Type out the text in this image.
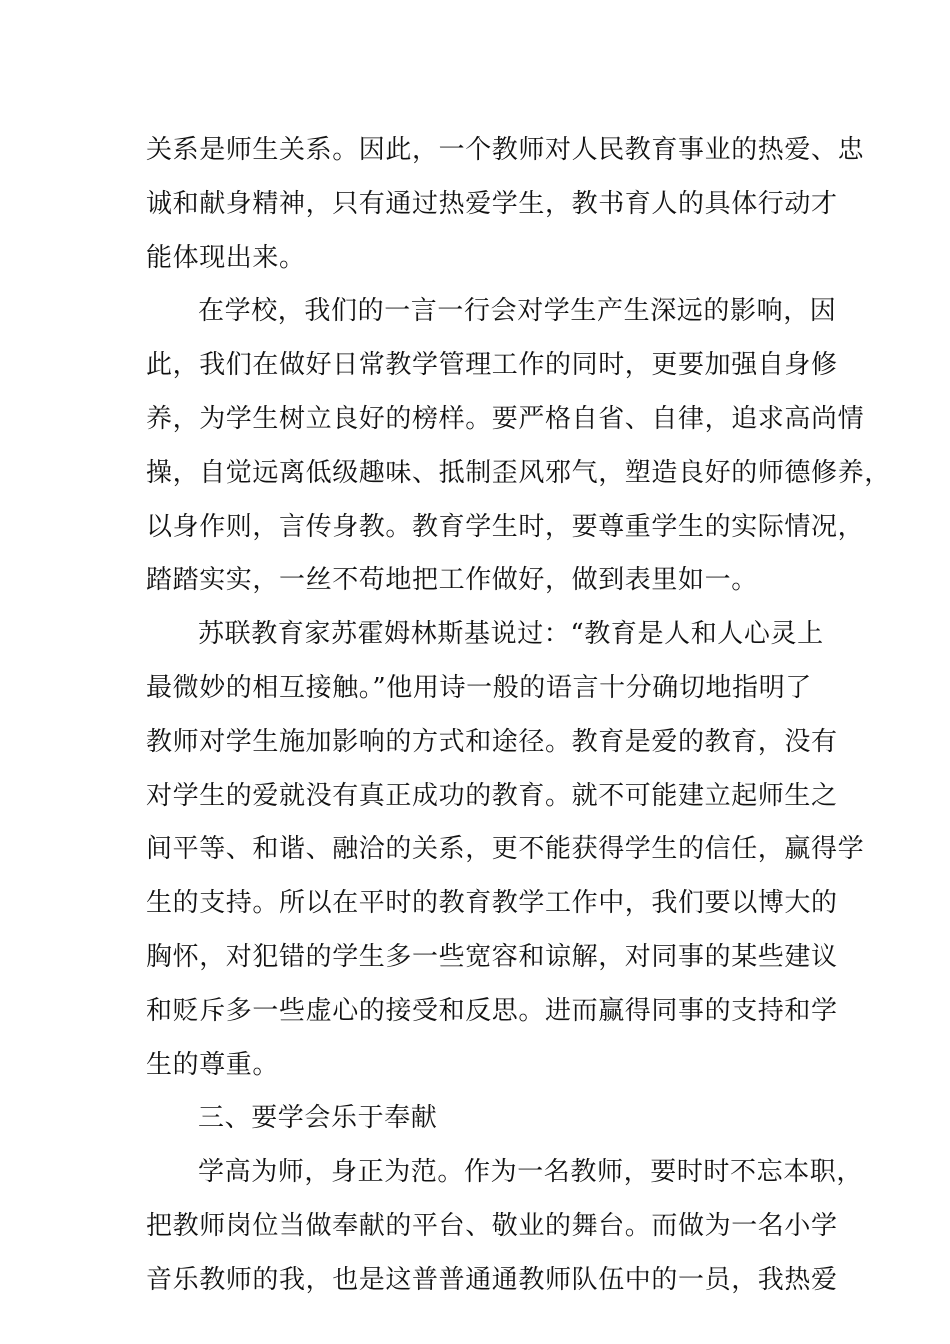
关系是师生关系。因此，一个教师对人民教育事业的热爱、忠
诚和献身精神，只有通过热爱学生，教书育人的具体行动才
能体现出来。
在学校，我们的一言一行会对学生产生深远的影响，因
此，我们在做好日常教学管理工作的同时，更要加强自身修
养，为学生树立良好的榜样。要严格自省、自律，追求高尚情
操，自觉远离低级趣味、抵制歪风邪气，塑造良好的师德修养，
以身作则，言传身教。教育学生时，要尊重学生的实际情况，
踏踏实实，一丝不苟地把工作做好，做到表里如一。
苏联教育家苏霍姆林斯基说过：“教育是人和人心灵上
最微妙的相互接触。”他用诗一般的语言十分确切地指明了
教师对学生施加影响的方式和途径。教育是爱的教育，没有
对学生的爱就没有真正成功的教育。就不可能建立起师生之
间平等、和谐、融洽的关系，更不能获得学生的信任，赢得学
生的支持。所以在平时的教育教学工作中，我们要以博大的
胸怀，对犯错的学生多一些宽容和谅解，对同事的某些建议
和贬斥多一些虚心的接受和反思。进而赢得同事的支持和学
生的尊重。
三、要学会乐于奉献
学高为师，身正为范。作为一名教师，要时时不忘本职，
把教师岗位当做奉献的平台、敬业的舞台。而做为一名小学
音乐教师的我，也是这普普通通教师队伍中的一员，我热爱
